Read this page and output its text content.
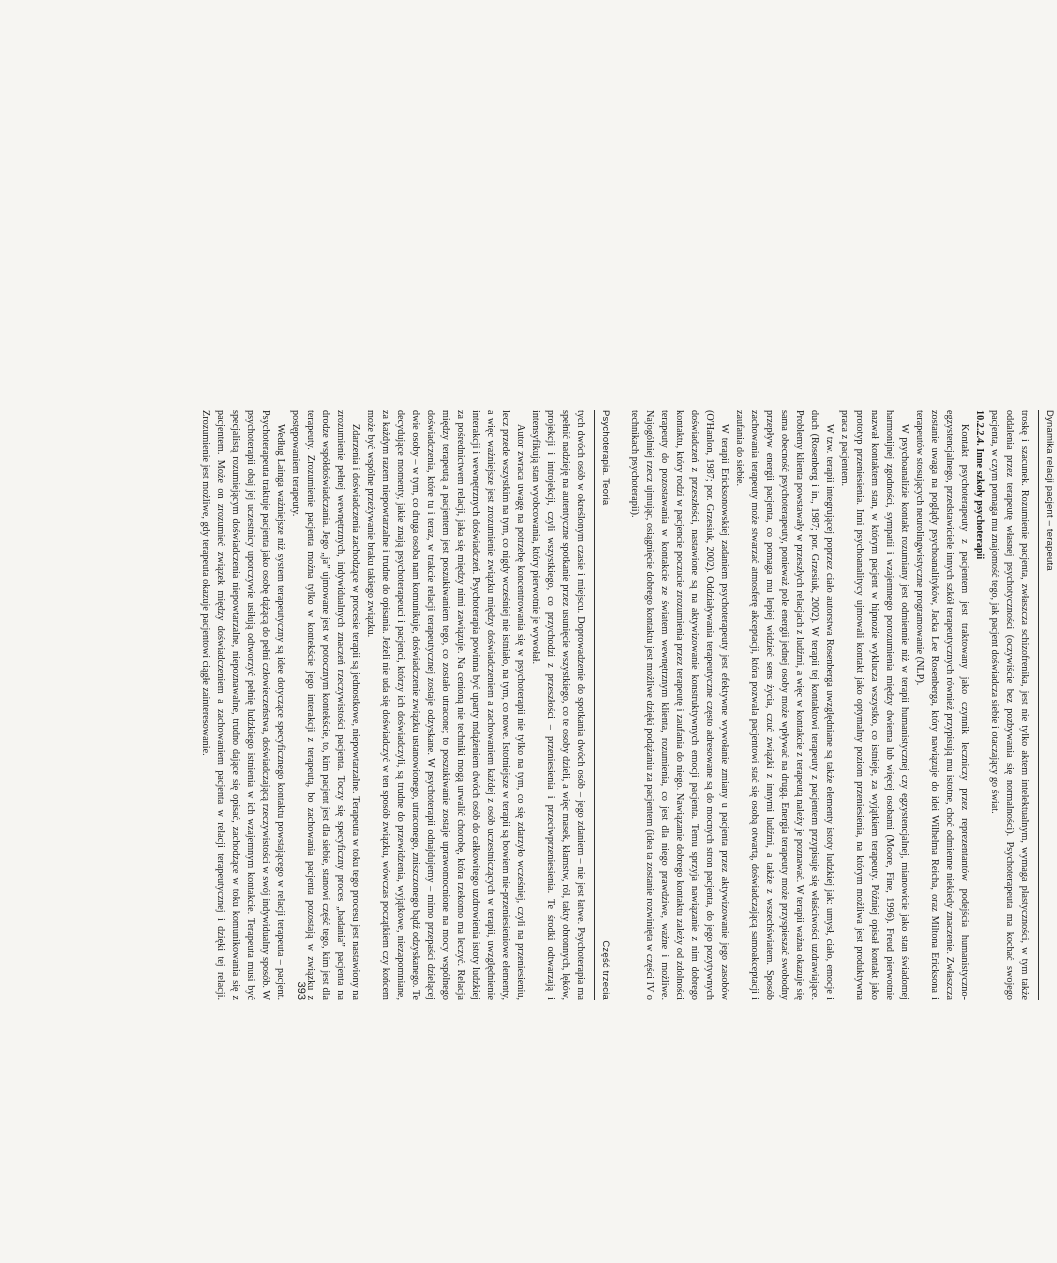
Psychoterapia. Teoria
Część trzecia

tych dwóch osób w określonym czasie i miejscu. Doprowadzenie do spotkania dwóch osób – jego zdaniem – nie jest łatwe. Psychoterapia ma spełnić nadzieję na autentyczne spotkanie przez usunięcie wszystkiego, co te osoby dzieli, a więc masek, kłamstw, ról, takty obronnych, lęków, projekcji i introjekcji, czyli wszystkiego, co przychodzi z przeszłości – przeniesienia i przeciwprzeniesienia. Te środki odtwarzają i intensyfikują stan wyobcowania, który pierwotnie je wywołał.

Autor zwraca uwagę na potrzebę koncentrowania się w psychoterapii nie tylko na tym, co się zdarzyło wcześniej, czyli na przeniesieniu, lecz przede wszystkim na tym, co nigdy wcześniej nie istniało, na tym, co nowe. Istotniejsze w terapii są bowiem nie-przeniesieniowe elementy, a więc ważniejsze jest zrozumienie związku między doświadczeniem a zachowaniem każdej z osób uczestniczących w terapii, uwzględnienie interakcji i wewnętrznych doświadczeń. Psychoterapia powinna być uparty mdążeniem dwóch osób do całkowitego uzdrowienia istoty ludzkiej za pośrednictwem relacji, jaka się między nimi zawiązuje. Na cenioną nie techniki mogą urwalić chorobę, która rzekomo ma leczyć. Relacja między terapeutą a pacjentem jest poszukiwaniem tego, co zostało utracone; to poszukiwanie zostaje uprawomocnione na mocy wspólnego doświadczenia, które tu i teraz, w trakcie relacji terapeutycznej zostaje odzyskane. W psychoterapii odnajdujemy – mimo przepaści dzielącej dwie osoby – w tym, co druga osoba nam komunikuje, doświadczenie związku ustanowionego, utraconego, zniszczonego bądź odzyskanego. Te decydujące momenty, jakie znają psychoterapeuci i pacjenci, którzy ich doświadczyli, są trudne do przewidzenia, wyjątkowe, niezapomniane, za każdym razem niepowtarzalne i trudne do opisania. Jeżeli nie uda się doświadczyć w ten sposób związku, wówczas początkiem czy końcem może być wspólne przeżywanie braku takiego związku.

Zdarzenia i doświadczenia zachodzące w procesie terapii są jednostkowe, niepowtarzalne. Terapeuta w toku tego procesu jest nastawiony na zrozumienie pełnej wewnętrznych, indywidualnych znaczeń rzeczywistości pacjenta. Toczy się specyficzny proces „badania” pacjenta na drodze współdoświadczania. Jego „ja” ujmowane jest w potocznym kontekście, to, kim pacjent jest dla siebie, stanowi część tego, kim jest dla terapeuty. Zrozumienie pacjenta można tylko w kontekście jego interakcji z terapeutą, bo zachowania pacjenta pozostają w związku z postępowaniem terapeuty.

Według Lainga ważniejsze niż system terapeutyczny są idee dotyczące specyficznego kontaktu powstającego w relacji terapeuta – pacjent. Psychoterapeuta traktuje pacjenta jako osobę dążącą do pełni człowieczeństwa, doświadczającą rzeczywistości w swój indywidualny sposób. W psychoterapii obaj jej uczestnicy uporczywie usiłują odtworzyć pełnię ludzkiego istnienia w ich wzajemnym kontakcie. Terapeuta musi być specjalistą rozumiejącym doświadczenia niepowtarzalne, niepoznawalne, trudno dające się opisać, zachodzące w toku komunikowania się z pacjentem. Może on zrozumieć związek między doświadczeniem a zachowaniem pacjenta w relacji terapeutycznej i dzięki tej relacji. Zrozumienie jest możliwe, gdy terapeuta okazuje pacjentowi ciągłe zainteresowanie.	Dynamika relacji pacjent – terapeuta

troskę i szacunek. Rozumienie pacjenta, zwłaszcza schizofrenika, jest nie tylko aktem intelektualnym, wymaga plastyczności, w tym także oddalenia przez terapeutę własnej psychotyczności (oczywiście bez pozbywania się normalności). Psychoterapeuta ma kochać swojego pacjenta, w czym pomaga mu znajomość tego, jak pacjent doświadcza siebie i otaczający go świat.

10.2.2.4. Inne szkoły psychoterapii

Kontakt psychoterapeuty z pacjentem jest traktowany jako czynnik leczniczy przez reprezentantów podejścia humanistyczno-egzystencjalnego, przedstawiciele innych szkół terapeutycznych również przypisują mu istotne, choć odmienne niekiedy znaczenie. Zwłaszcza zostanie uwaga na poglądy psychoanalityków, Jacka Lee Rosenberga, który nawiązuje do idei Wilhelma Reicha, oraz Miltona Ericksona i terapeutów stosujących neurolingwistyczne programowanie (NLP).

W psychoanalizie kontakt rozumiany jest odmiennie niż w terapii humanistycznej czy egzystencjalnej, mianowicie jako stan świadomej harmonijnej zgodności, sympatii i wzajemnego porozumienia między dwiema lub więcej osobami (Moore, Fine, 1996). Freud pierwotnie nazwał kontaktem stan, w którym pacjent w hipnozie wyklucza wszystko, co istnieje, za wyjątkiem terapeuty. Później opisał kontakt jako prototyp przeniesienia. Inni psychoanalitycy ujmowali kontakt jako optymalny poziom przeniesienia, na którym możliwa jest produktywna praca z pacjentem.

W tzw. terapii integrującej poprzez ciało autorstwa Rosenberga uwzględniane są także elementy istoty ludzkiej jak: umysł, ciało, emocje i duch (Rosenberg i in., 1987; por. Grzesiuk, 2002). W terapii tej kontaktowi terapeuty z pacjentem przypisuje się właściwości uzdrawiające. Problemy klienta powstawały w przeszłych relacjach z ludźmi, a więc w kontakcie z terapeutą należy je poznawać. W terapii ważna okazuje się sama obecność psychoterapeuty, ponieważ pole energii jednej osoby może wpływać na drugą. Energia terapeuty może przyspieszać swobodny przepływ energii pacjenta, co pomaga mu lepiej widzieć sens życia, czuć związki z innymi ludźmi, a także z wszechświatem. Sposób zachowania terapeuty może stwarzać atmosferę akceptacji, która pozwala pacjentowi stać się osobą otwartą, doświadczającą samoakceptacji i zaufania do siebie.

W terapii Ericksonowskiej zadaniem psychoterapeuty jest efektywne wywołanie zmiany u pacjenta przez aktywizowanie jego zasobów (O'Hanlon, 1987; por. Grzesiuk, 2002). Oddziaływania terapeutyczne często adresowane są do mocnych stron pacjenta, do jego pozytywnych doświadczeń z przeszłości, nastawione są na aktywizowanie konstruktywnych emocji pacjenta. Temu sprzyja nawiązanie z nim dobrego kontaktu, który rodzi w pacjencie poczucie zrozumienia przez terapeutę i zaufania do niego. Nawiązanie dobrego kontaktu zależy od zdolności terapeuty do pozostawania w kontakcie ze światem wewnętrznym klienta, rozumienia, co jest dla niego prawdziwe, ważne i możliwe. Najogólniej rzecz ujmując, osiągnięcie dobrego kontaktu jest możliwe dzięki podążaniu za pacjentem (idea ta zostanie rozwinięta w części IV o technikach psychoterapii).

393
